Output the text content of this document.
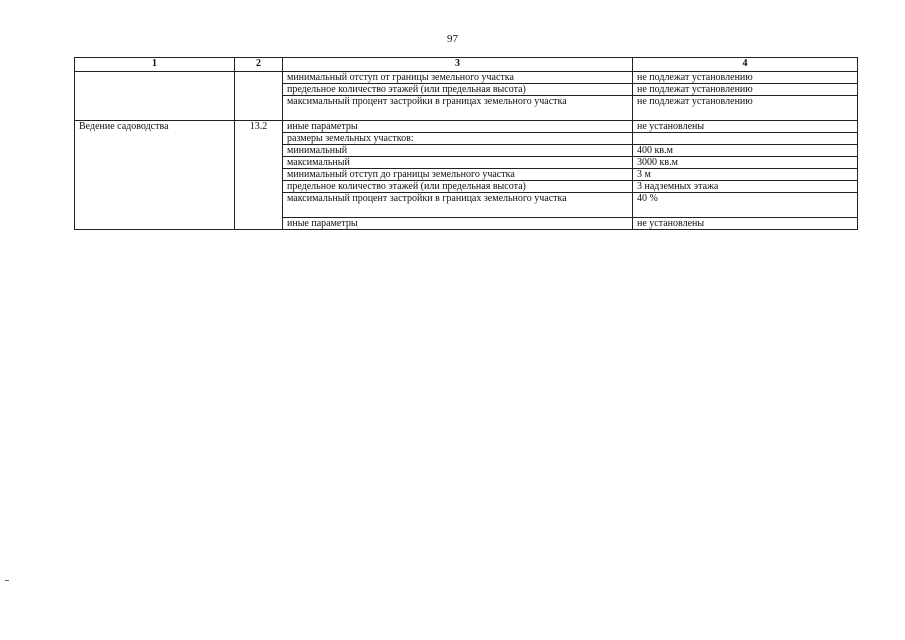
97
1	2	3	4
		минимальный отступ от границы земельного участка	не подлежат установлению
		предельное количество этажей (или предельная высота)	не подлежат установлению
		максимальный процент застройки в границах земельного участка	не подлежат установлению
Ведение садоводства	13.2	иные параметры	не установлены
		размеры земельных участков:	
		минимальный	400 кв.м
		максимальный	3000 кв.м
		минимальный отступ до границы земельного участка	3 м
		предельное количество этажей (или предельная высота)	3 надземных этажа
		максимальный процент застройки в границах земельного участка	40 %
		иные параметры	не установлены
